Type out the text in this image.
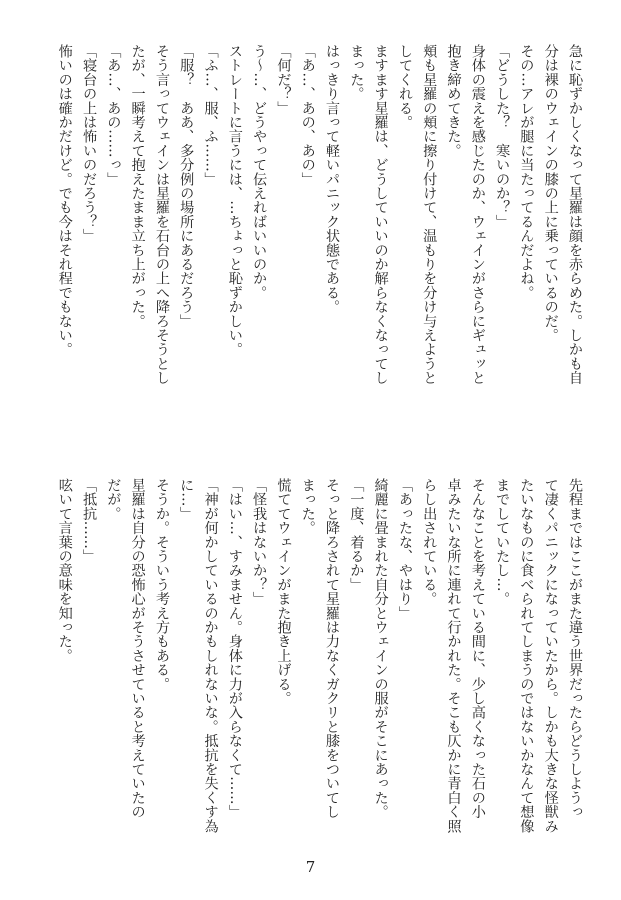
急に恥ずかしくなって星羅は顔を赤らめた。しかも自

分は裸のウェインの膝の上に乗っているのだ。

その…アレが腿に当たってるんだよね。

「どうした？　寒いのか？」

身体の震えを感じたのか、ウェインがさらにギュッと

抱き締めてきた。

頬も星羅の頬に擦り付けて、温もりを分け与えようと

してくれる。

ますます星羅は、どうしていいのか解らなくなってし

まった。

はっきり言って軽いパニック状態である。

「あ…、あの、あの」

「何だ？」

う～…、どうやって伝えればいいのか。

ストレートに言うには、…ちょっと恥ずかしい。

「ふ…、服、ふ……」

「服？　ああ、多分例の場所にあるだろう」

そう言ってウェインは星羅を石台の上へ降ろそうとし

たが、一瞬考えて抱えたまま立ち上がった。

「あ…、あの……っ」

「寝台の上は怖いのだろう？」

怖いのは確かだけど。でも今はそれ程でもない。

先程まではここがまた違う世界だったらどうしようっ

て凄くパニックになっていたから。しかも大きな怪獣み

たいなものに食べられてしまうのではないかなんて想像

までしていたし…。

そんなことを考えている間に、少し高くなった石の小

卓みたいな所に連れて行かれた。そこも仄かに青白く照

らし出されている。

「あったな、やはり」

綺麗に畳まれた自分とウェインの服がそこにあった。

「一度、着るか」

そっと降ろされて星羅は力なくガクリと膝をついてし

まった。

慌ててウェインがまた抱き上げる。

「怪我はないか？」

「はい…、すみません。身体に力が入らなくて……」

「神が何かしているのかもしれないな。抵抗を失くす為

に…」

そうか。そういう考え方もある。

星羅は自分の恐怖心がそうさせていると考えていたの

だが。

「抵抗……」

呟いて言葉の意味を知った。

7
